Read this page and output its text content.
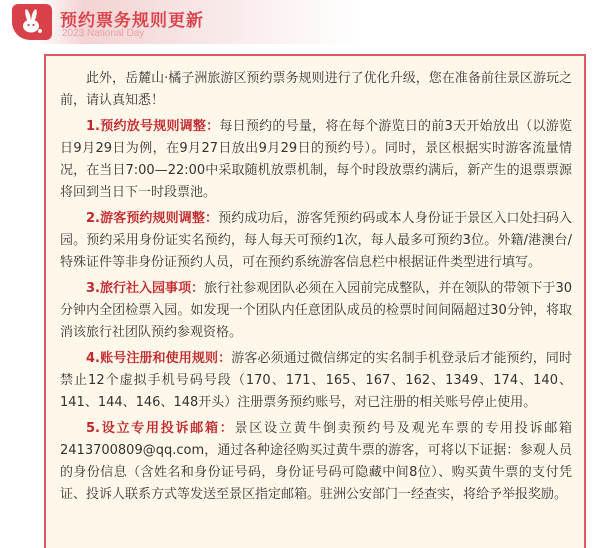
预约票务规则更新
2023 National Day

此外，岳麓山·橘子洲旅游区预约票务规则进行了优化升级，您在准备前往景区游玩之前，请认真知悉！

1.预约放号规则调整：每日预约的号量，将在每个游览日的前3天开始放出（以游览日9月29日为例，在9月27日放出9月29日的预约号）。同时，景区根据实时游客流量情况，在当日7:00—22:00中采取随机放票机制，每个时段放票约满后，新产生的退票票源将回到当日下一时段票池。

2.游客预约规则调整：预约成功后，游客凭预约码或本人身份证于景区入口处扫码入园。预约采用身份证实名预约，每人每天可预约1次，每人最多可预约3位。外籍/港澳台/特殊证件等非身份证预约人员，可在预约系统游客信息栏中根据证件类型进行填写。

3.旅行社入园事项：旅行社参观团队必须在入园前完成整队，并在领队的带领下于30分钟内全团检票入园。如发现一个团队内任意团队成员的检票时间间隔超过30分钟，将取消该旅行社团队预约参观资格。

4.账号注册和使用规则：游客必须通过微信绑定的实名制手机登录后才能预约，同时禁止12个虚拟手机号码号段（170、171、165、167、162、1349、174、140、141、144、146、148开头）注册票务预约账号，对已注册的相关账号停止使用。

5.设立专用投诉邮箱：景区设立黄牛倒卖预约号及观光车票的专用投诉邮箱2413700809@qq.com，通过各种途径购买过黄牛票的游客，可将以下证据：参观人员的身份信息（含姓名和身份证号码，身份证号码可隐藏中间8位）、购买黄牛票的支付凭证、投诉人联系方式等发送至景区指定邮箱。驻洲公安部门一经查实，将给予举报奖励。
